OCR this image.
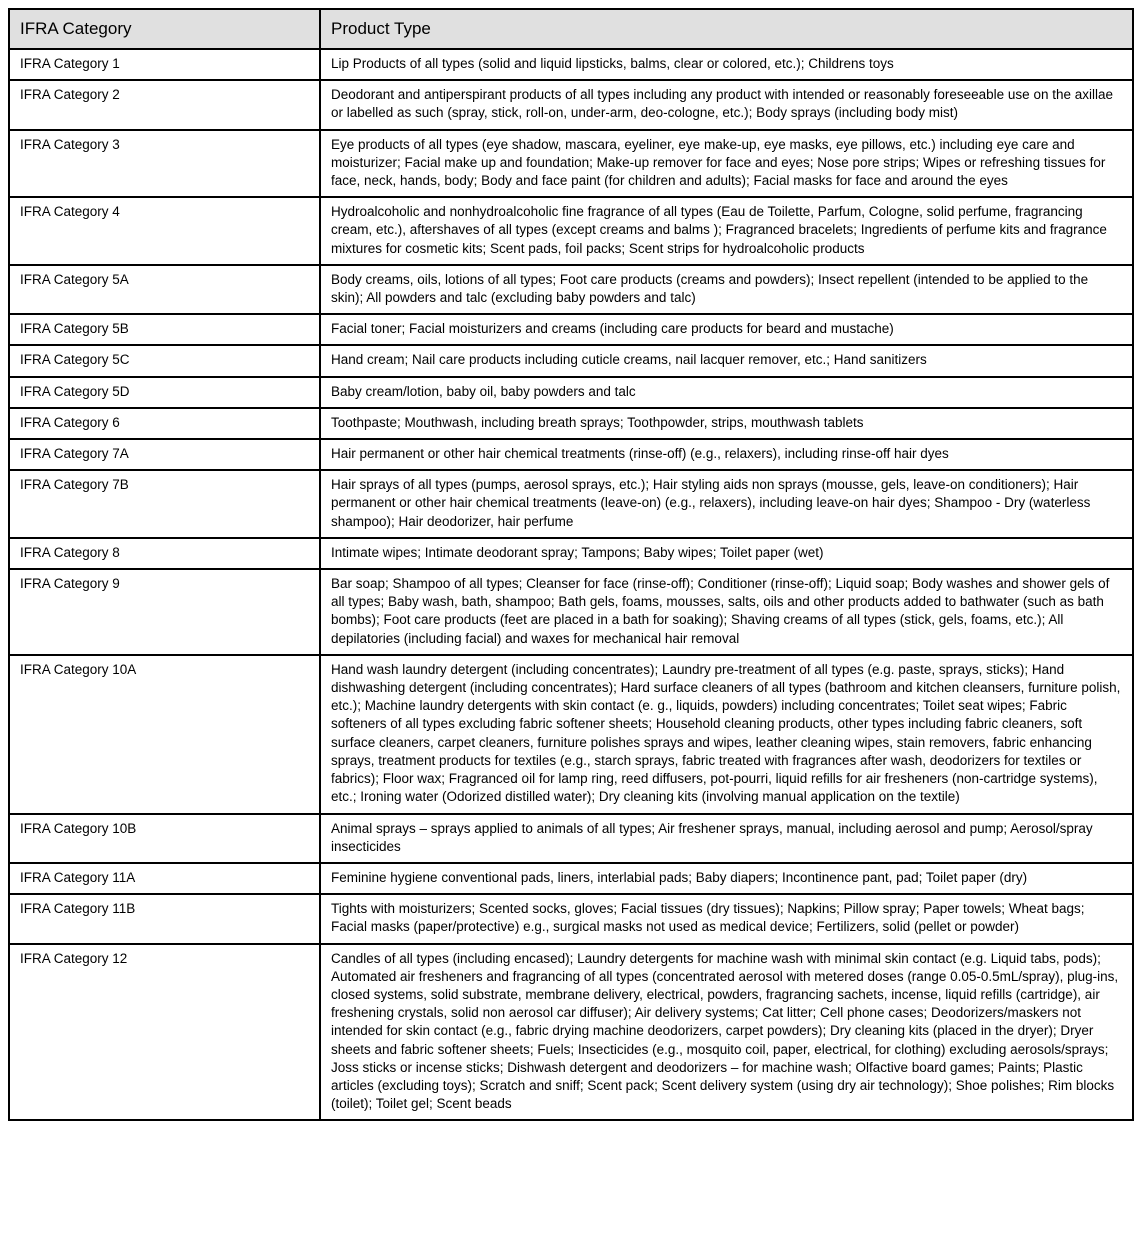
IFRA Category	Product Type
IFRA Category 1	Lip Products of all types (solid and liquid lipsticks, balms, clear or colored, etc.); Childrens toys
IFRA Category 2	Deodorant and antiperspirant products of all types including any product with intended or reasonably foreseeable use on the axillae or labelled as such (spray, stick, roll-on, under-arm, deo-cologne, etc.); Body sprays (including body mist)
IFRA Category 3	Eye products of all types (eye shadow, mascara, eyeliner, eye make-up, eye masks, eye pillows, etc.) including eye care and moisturizer; Facial make up and foundation; Make-up remover for face and eyes; Nose pore strips; Wipes or refreshing tissues for face, neck, hands, body; Body and face paint (for children and adults); Facial masks for face and around the eyes
IFRA Category 4	Hydroalcoholic and nonhydroalcoholic fine fragrance of all types (Eau de Toilette, Parfum, Cologne, solid perfume, fragrancing cream, etc.), aftershaves of all types (except creams and balms ); Fragranced bracelets; Ingredients of perfume kits and fragrance mixtures for cosmetic kits; Scent pads, foil packs; Scent strips for hydroalcoholic products
IFRA Category 5A	Body creams, oils, lotions of all types; Foot care products (creams and powders); Insect repellent (intended to be applied to the skin); All powders and talc (excluding baby powders and talc)
IFRA Category 5B	Facial toner; Facial moisturizers and creams (including care products for beard and mustache)
IFRA Category 5C	Hand cream; Nail care products including cuticle creams, nail lacquer remover, etc.; Hand sanitizers
IFRA Category 5D	Baby cream/lotion, baby oil, baby powders and talc
IFRA Category 6	Toothpaste; Mouthwash, including breath sprays; Toothpowder, strips, mouthwash tablets
IFRA Category 7A	Hair permanent or other hair chemical treatments (rinse-off) (e.g., relaxers), including rinse-off hair dyes
IFRA Category 7B	Hair sprays of all types (pumps, aerosol sprays, etc.); Hair styling aids non sprays (mousse, gels, leave-on conditioners); Hair permanent or other hair chemical treatments (leave-on) (e.g., relaxers), including leave-on hair dyes; Shampoo - Dry (waterless shampoo); Hair deodorizer, hair perfume
IFRA Category 8	Intimate wipes; Intimate deodorant spray; Tampons; Baby wipes; Toilet paper (wet)
IFRA Category 9	Bar soap; Shampoo of all types; Cleanser for face (rinse-off); Conditioner (rinse-off); Liquid soap; Body washes and shower gels of all types; Baby wash, bath, shampoo; Bath gels, foams, mousses, salts, oils and other products added to bathwater (such as bath bombs); Foot care products (feet are placed in a bath for soaking); Shaving creams of all types (stick, gels, foams, etc.); All depilatories (including facial) and waxes for mechanical hair removal
IFRA Category 10A	Hand wash laundry detergent (including concentrates); Laundry pre-treatment of all types (e.g. paste, sprays, sticks); Hand dishwashing detergent (including concentrates); Hard surface cleaners of all types (bathroom and kitchen cleansers, furniture polish, etc.); Machine laundry detergents with skin contact (e. g., liquids, powders) including concentrates; Toilet seat wipes; Fabric softeners of all types excluding fabric softener sheets; Household cleaning products, other types including fabric cleaners, soft surface cleaners, carpet cleaners, furniture polishes sprays and wipes, leather cleaning wipes, stain removers, fabric enhancing sprays, treatment products for textiles (e.g., starch sprays, fabric treated with fragrances after wash, deodorizers for textiles or fabrics); Floor wax; Fragranced oil for lamp ring, reed diffusers, pot-pourri, liquid refills for air fresheners (non-cartridge systems), etc.; Ironing water (Odorized distilled water); Dry cleaning kits (involving manual application on the textile)
IFRA Category 10B	Animal sprays – sprays applied to animals of all types; Air freshener sprays, manual, including aerosol and pump; Aerosol/spray insecticides
IFRA Category 11A	Feminine hygiene conventional pads, liners, interlabial pads; Baby diapers; Incontinence pant, pad; Toilet paper (dry)
IFRA Category 11B	Tights with moisturizers; Scented socks, gloves; Facial tissues (dry tissues); Napkins; Pillow spray; Paper towels; Wheat bags; Facial masks (paper/protective) e.g., surgical masks not used as medical device; Fertilizers, solid (pellet or powder)
IFRA Category 12	Candles of all types (including encased); Laundry detergents for machine wash with minimal skin contact (e.g. Liquid tabs, pods); Automated air fresheners and fragrancing of all types (concentrated aerosol with metered doses (range 0.05-0.5mL/spray), plug-ins, closed systems, solid substrate, membrane delivery, electrical, powders, fragrancing sachets, incense, liquid refills (cartridge), air freshening crystals, solid non aerosol car diffuser); Air delivery systems; Cat litter; Cell phone cases; Deodorizers/maskers not intended for skin contact (e.g., fabric drying machine deodorizers, carpet powders); Dry cleaning kits (placed in the dryer); Dryer sheets and fabric softener sheets; Fuels; Insecticides (e.g., mosquito coil, paper, electrical, for clothing) excluding aerosols/sprays; Joss sticks or incense sticks; Dishwash detergent and deodorizers – for machine wash; Olfactive board games; Paints; Plastic articles (excluding toys); Scratch and sniff; Scent pack; Scent delivery system (using dry air technology); Shoe polishes; Rim blocks (toilet); Toilet gel; Scent beads
